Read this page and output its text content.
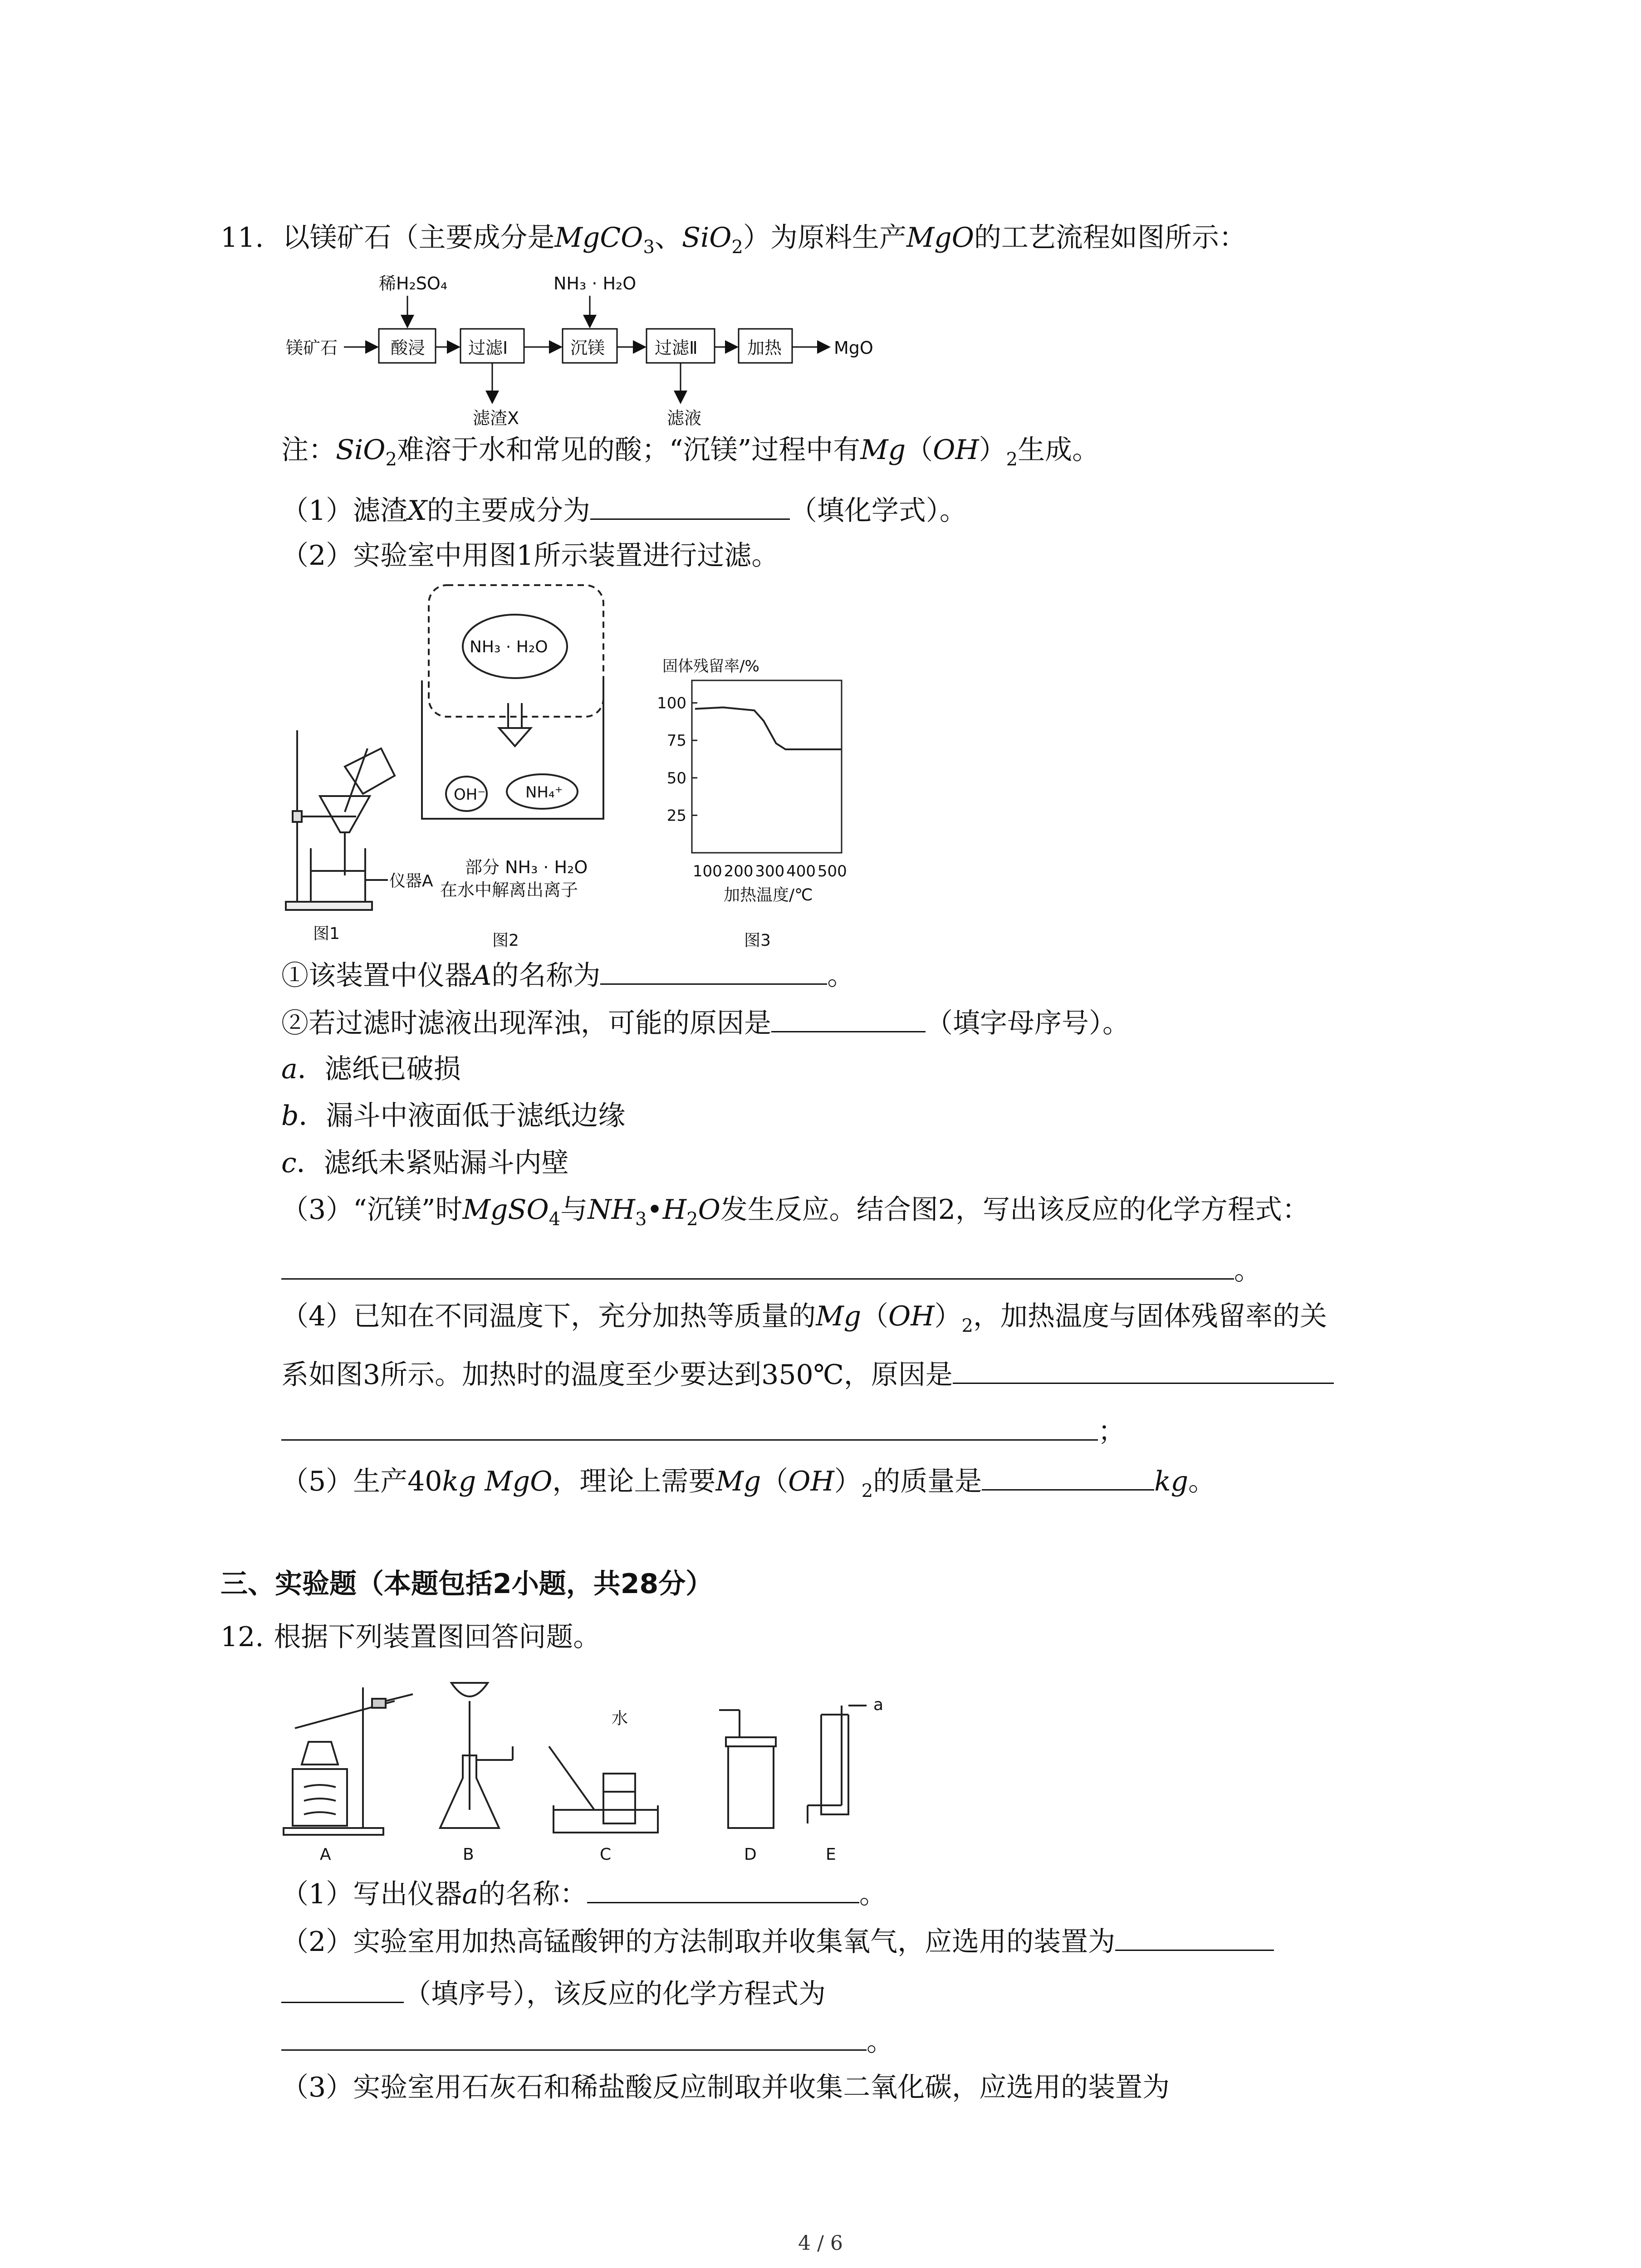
11. 以镁矿石（主要成分是MgCO$_3$、SiO$_2$）为原料生产MgO的工艺流程如图所示：
镁矿石	酸浸 过滤Ⅰ	沉镁	过滤Ⅱ	加热	MgO
稀H₂SO₄	NH₃ · H₂O
滤渣X	滤液
注：SiO$_2$难溶于水和常见的酸；“沉镁”过程中有$Mg(OH)_2$生成。
（1）滤渣X的主要成分为	（填化学式）。
（2）实验室中用图1所示装置进行过滤。
仪器A
图1
NH₃ · H₂O
OH⁻	NH₄⁺
部分 NH₃ · H₂O
在水中解离出离子
图2
固体残留率/%
100
75
50
25
100 200 300 400 500
加热温度/℃
图3
①该装置中仪器A的名称为	。
②若过滤时滤液出现浑浊，可能的原因是	（填字母序号）。
a．滤纸已破损
b．漏斗中液面低于滤纸边缘
c．滤纸未紧贴漏斗内壁
（3）“沉镁”时MgSO$_4$与$NH_3•H_2O$发生反应。结合图2，写出该反应的化学方程式：
。
（4）已知在不同温度下，充分加热等质量的$Mg(OH)_2$，加热温度与固体残留率的关
系如图3所示。加热时的温度至少要达到350℃，原因是
；
（5）生产40kg MgO，理论上需要$Mg(OH)_2$的质量是	kg。
三、实验题（本题包括2小题，共28分）
12. 根据下列装置图回答问题。
A	B	C	D	E
水
a
（1）写出仪器a的名称：	。
（2）实验室用加热高锰酸钾的方法制取并收集氧气，应选用的装置为
（填序号），该反应的化学方程式为
。
（3）实验室用石灰石和稀盐酸反应制取并收集二氧化碳，应选用的装置为
4 / 6
